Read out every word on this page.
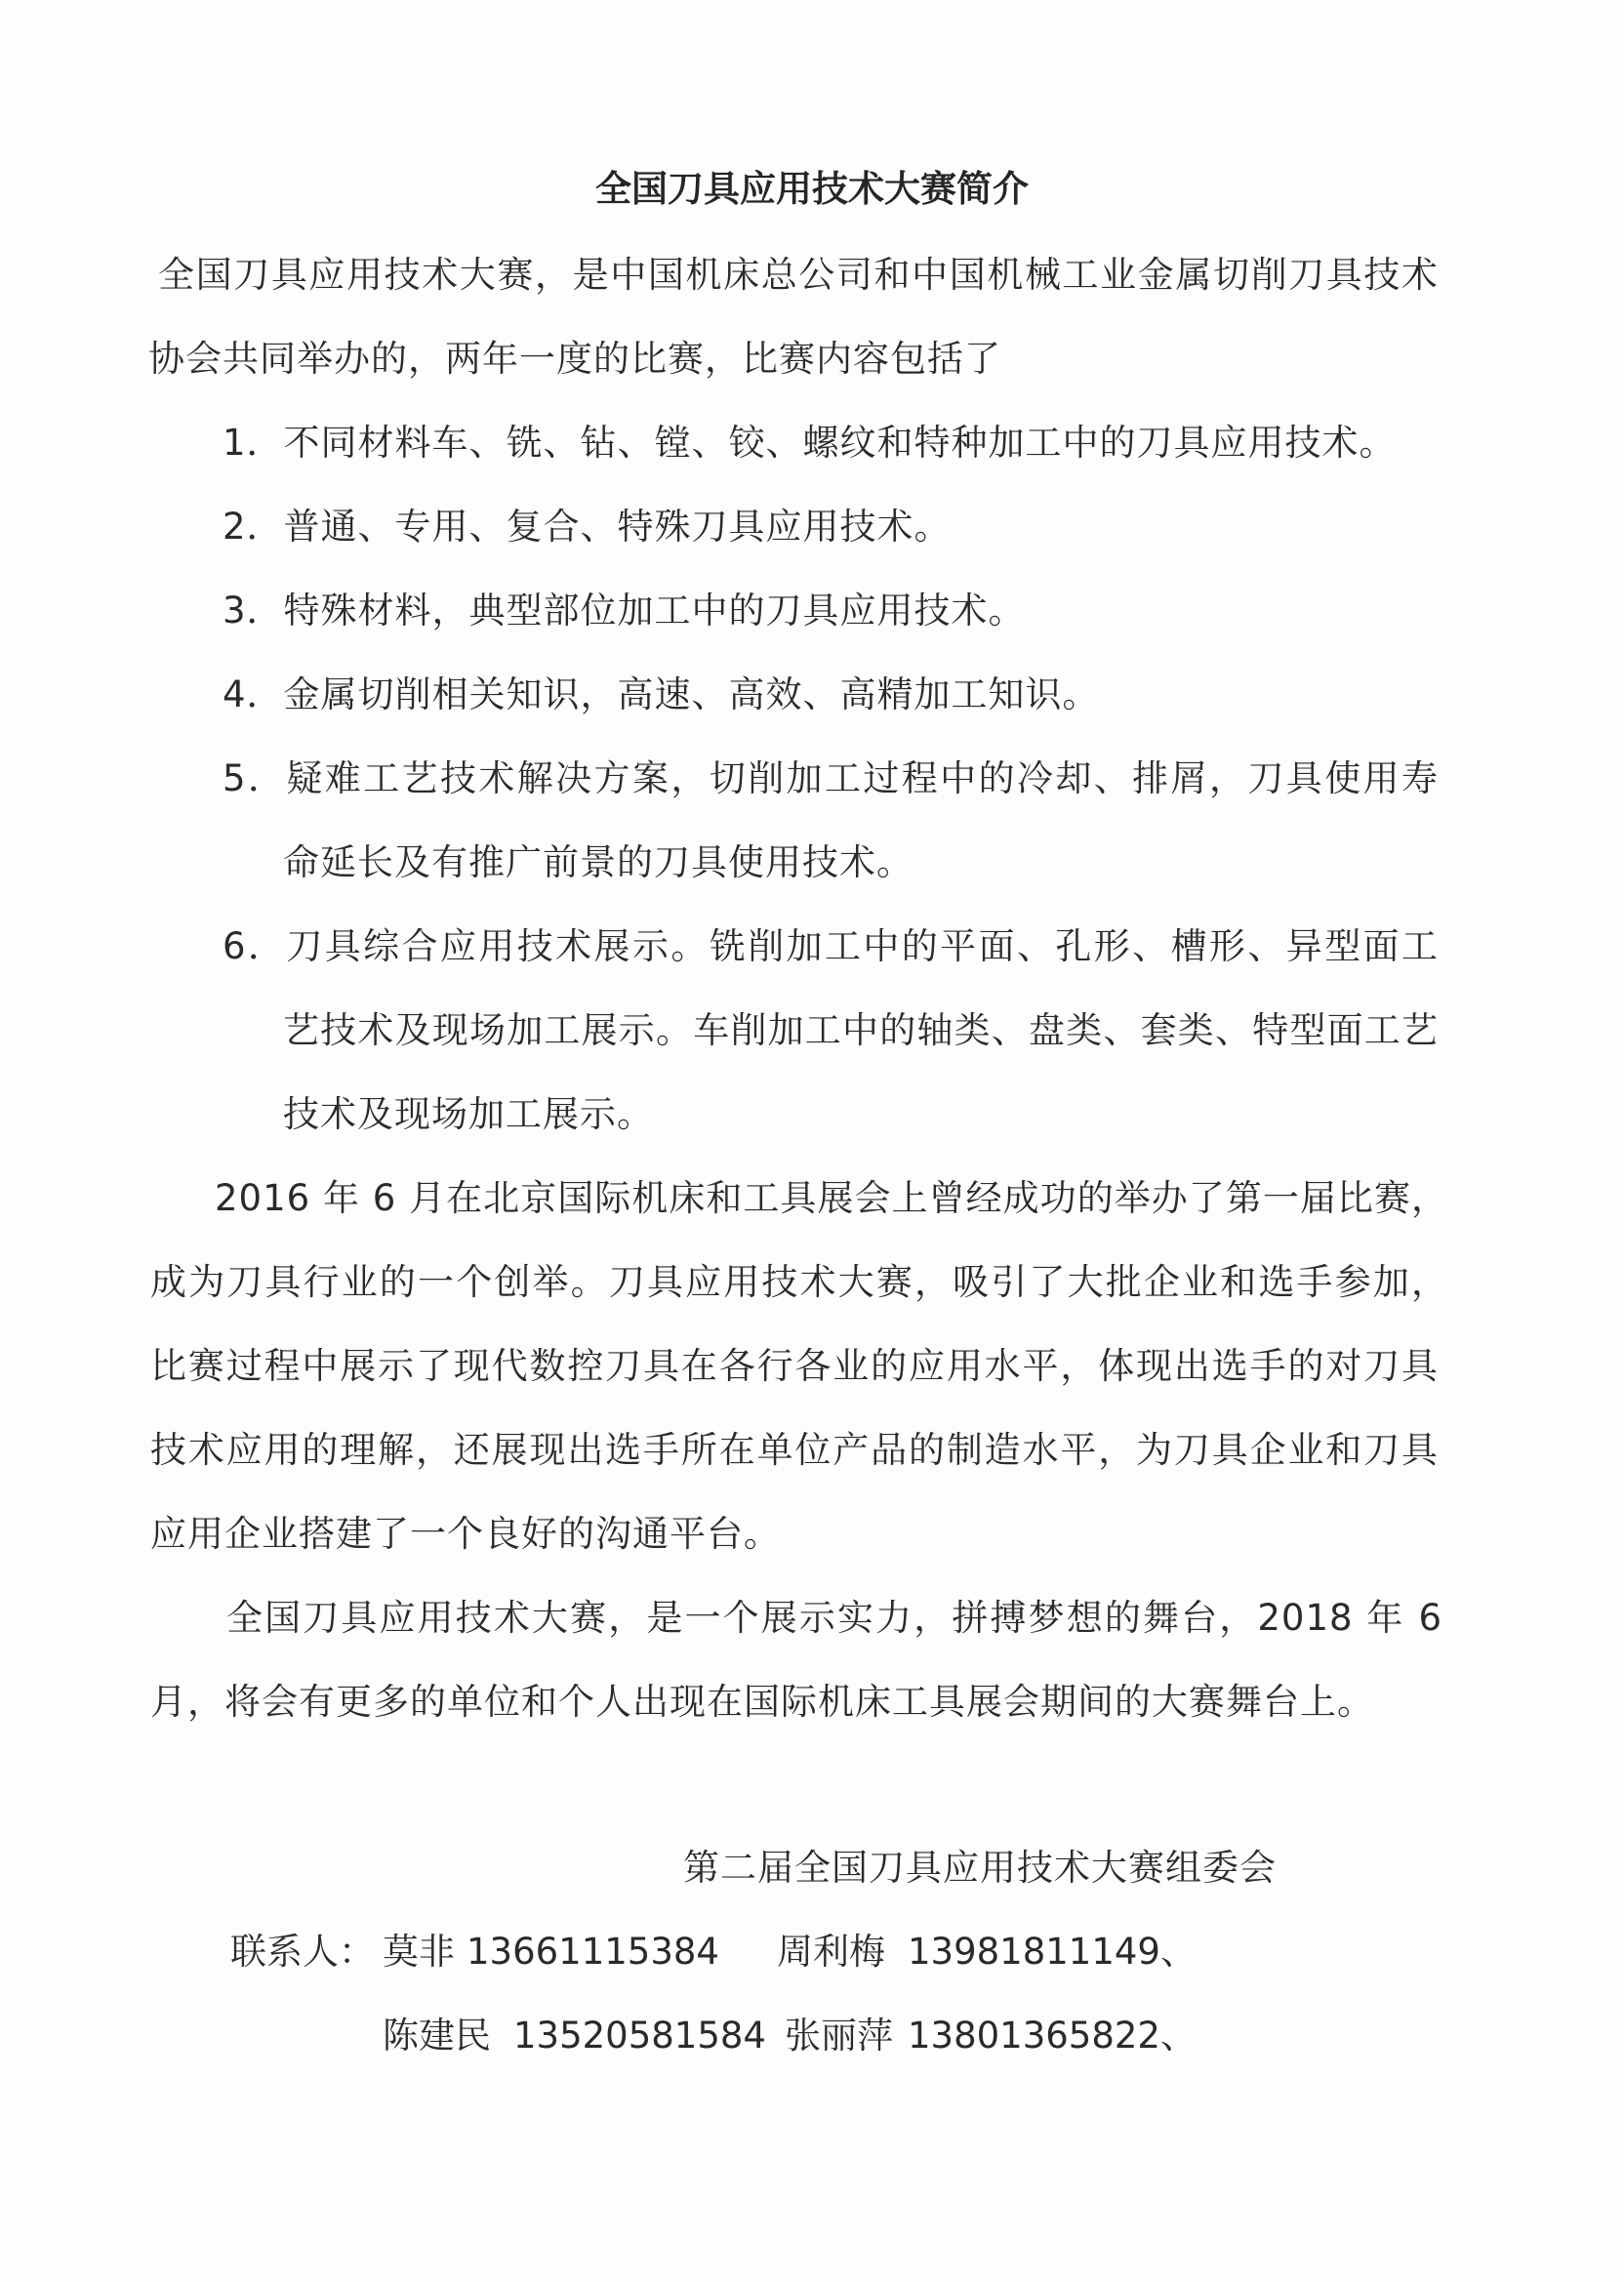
全国刀具应用技术大赛简介
全国刀具应用技术大赛，是中国机床总公司和中国机械工业金属切削刀具技术
协会共同举办的，两年一度的比赛，比赛内容包括了
1．不同材料车、铣、钻、镗、铰、螺纹和特种加工中的刀具应用技术。
2．普通、专用、复合、特殊刀具应用技术。
3．特殊材料，典型部位加工中的刀具应用技术。
4．金属切削相关知识，高速、高效、高精加工知识。
5．疑难工艺技术解决方案，切削加工过程中的冷却、排屑，刀具使用寿
命延长及有推广前景的刀具使用技术。
6．刀具综合应用技术展示。铣削加工中的平面、孔形、槽形、异型面工
艺技术及现场加工展示。车削加工中的轴类、盘类、套类、特型面工艺
技术及现场加工展示。
2016 年 6 月在北京国际机床和工具展会上曾经成功的举办了第一届比赛，
成为刀具行业的一个创举。刀具应用技术大赛，吸引了大批企业和选手参加，
比赛过程中展示了现代数控刀具在各行各业的应用水平，体现出选手的对刀具
技术应用的理解，还展现出选手所在单位产品的制造水平，为刀具企业和刀具
应用企业搭建了一个良好的沟通平台。
全国刀具应用技术大赛，是一个展示实力，拼搏梦想的舞台，2018 年 6
月，将会有更多的单位和个人出现在国际机床工具展会期间的大赛舞台上。
第二届全国刀具应用技术大赛组委会
联系人： 莫非 13661115384 周利梅 13981811149、
陈建民 13520581584 张丽萍 13801365822、
